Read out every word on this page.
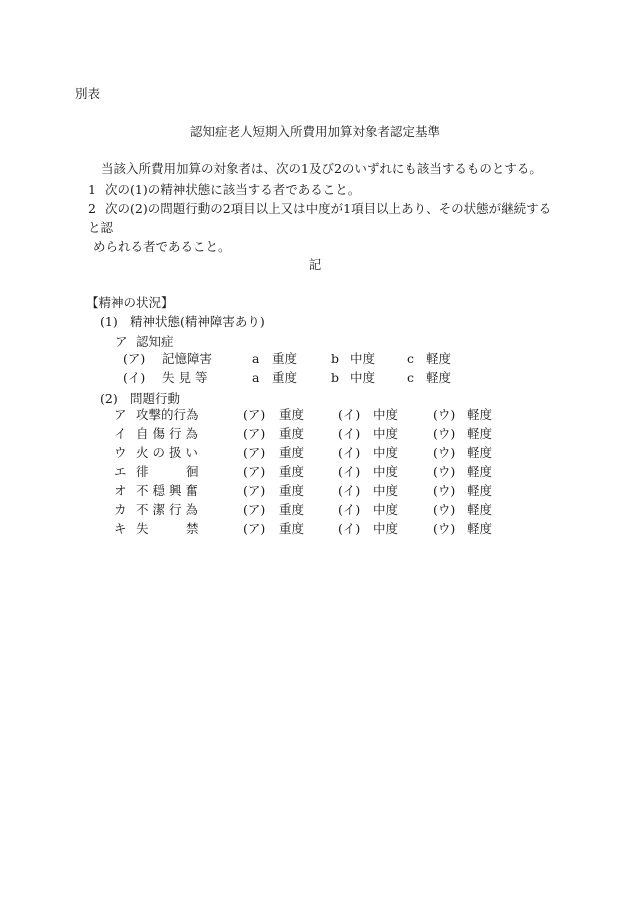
別表
認知症老人短期入所費用加算対象者認定基準
当該入所費用加算の対象者は、次の1及び2のいずれにも該当するものとする。
1 次の(1)の精神状態に該当する者であること。
2 次の(2)の問題行動の2項目以上又は中度が1項目以上あり、その状態が継続すると認
められる者であること。
記
【精神の状況】
(1) 精神状態(精神障害あり)
ア 認知症
(ア) 記憶障害	a 重度	b 中度	c 軽度
(イ) 失 見 等	a 重度	b 中度	c 軽度
(2) 問題行動
ア 攻撃的行為	(ア) 重度	(イ) 中度	(ウ) 軽度
イ 自 傷 行 為	(ア) 重度	(イ) 中度	(ウ) 軽度
ウ 火 の 扱 い	(ア) 重度	(イ) 中度	(ウ) 軽度
エ 徘　　　徊	(ア) 重度	(イ) 中度	(ウ) 軽度
オ 不 穏 興 奮	(ア) 重度	(イ) 中度	(ウ) 軽度
カ 不 潔 行 為	(ア) 重度	(イ) 中度	(ウ) 軽度
キ 失　　　禁	(ア) 重度	(イ) 中度	(ウ) 軽度
